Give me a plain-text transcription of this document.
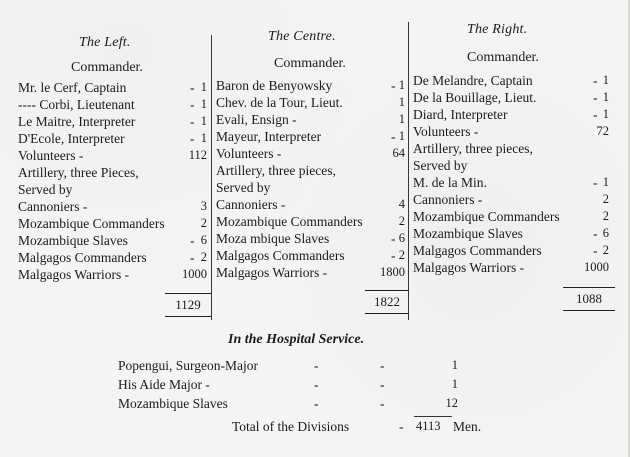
The Left.	The Centre.	The Right.
Commander.	Commander.	Commander.
Mr. le Cerf, Captain	- 1
---- Corbi, Lieutenant	- 1
Le Maitre, Interpreter	- 1
D'Ecole, Interpreter	- 1
Volunteers -	112
Artillery, three Pieces,
Served by
Cannoniers -	3
Mozambique Commanders	2
Mozambique Slaves	- 6
Malgagos Commanders	- 2
Malgagos Warriors -	1000
Baron de Benyowsky	- 1
Chev. de la Tour, Lieut.	1
Evali, Ensign -	1
Mayeur, Interpreter	- 1
Volunteers -	64
Artillery, three pieces,
Served by
Cannoniers -	4
Mozambique Commanders	2
Moza mbique Slaves	- 6
Malgagos Commanders	- 2
Malgagos Warriors -	1800
De Melandre, Captain	- 1
De la Bouillage, Lieut.	- 1
Diard, Interpreter	- 1
Volunteers -	72
Artillery, three pieces,
Served by
M. de la Min.	- 1
Cannoniers -	2
Mozambique Commanders	2
Mozambique Slaves	- 6
Malgagos Commanders	- 2
Malgagos Warriors -	1000
1129	1822	1088
In the Hospital Service.
Popengui, Surgeon-Major	-	-	1
His Aide Major -	-	-	1
Mozambique Slaves	-	-	12
Total of the Divisions	- 4113 Men.
